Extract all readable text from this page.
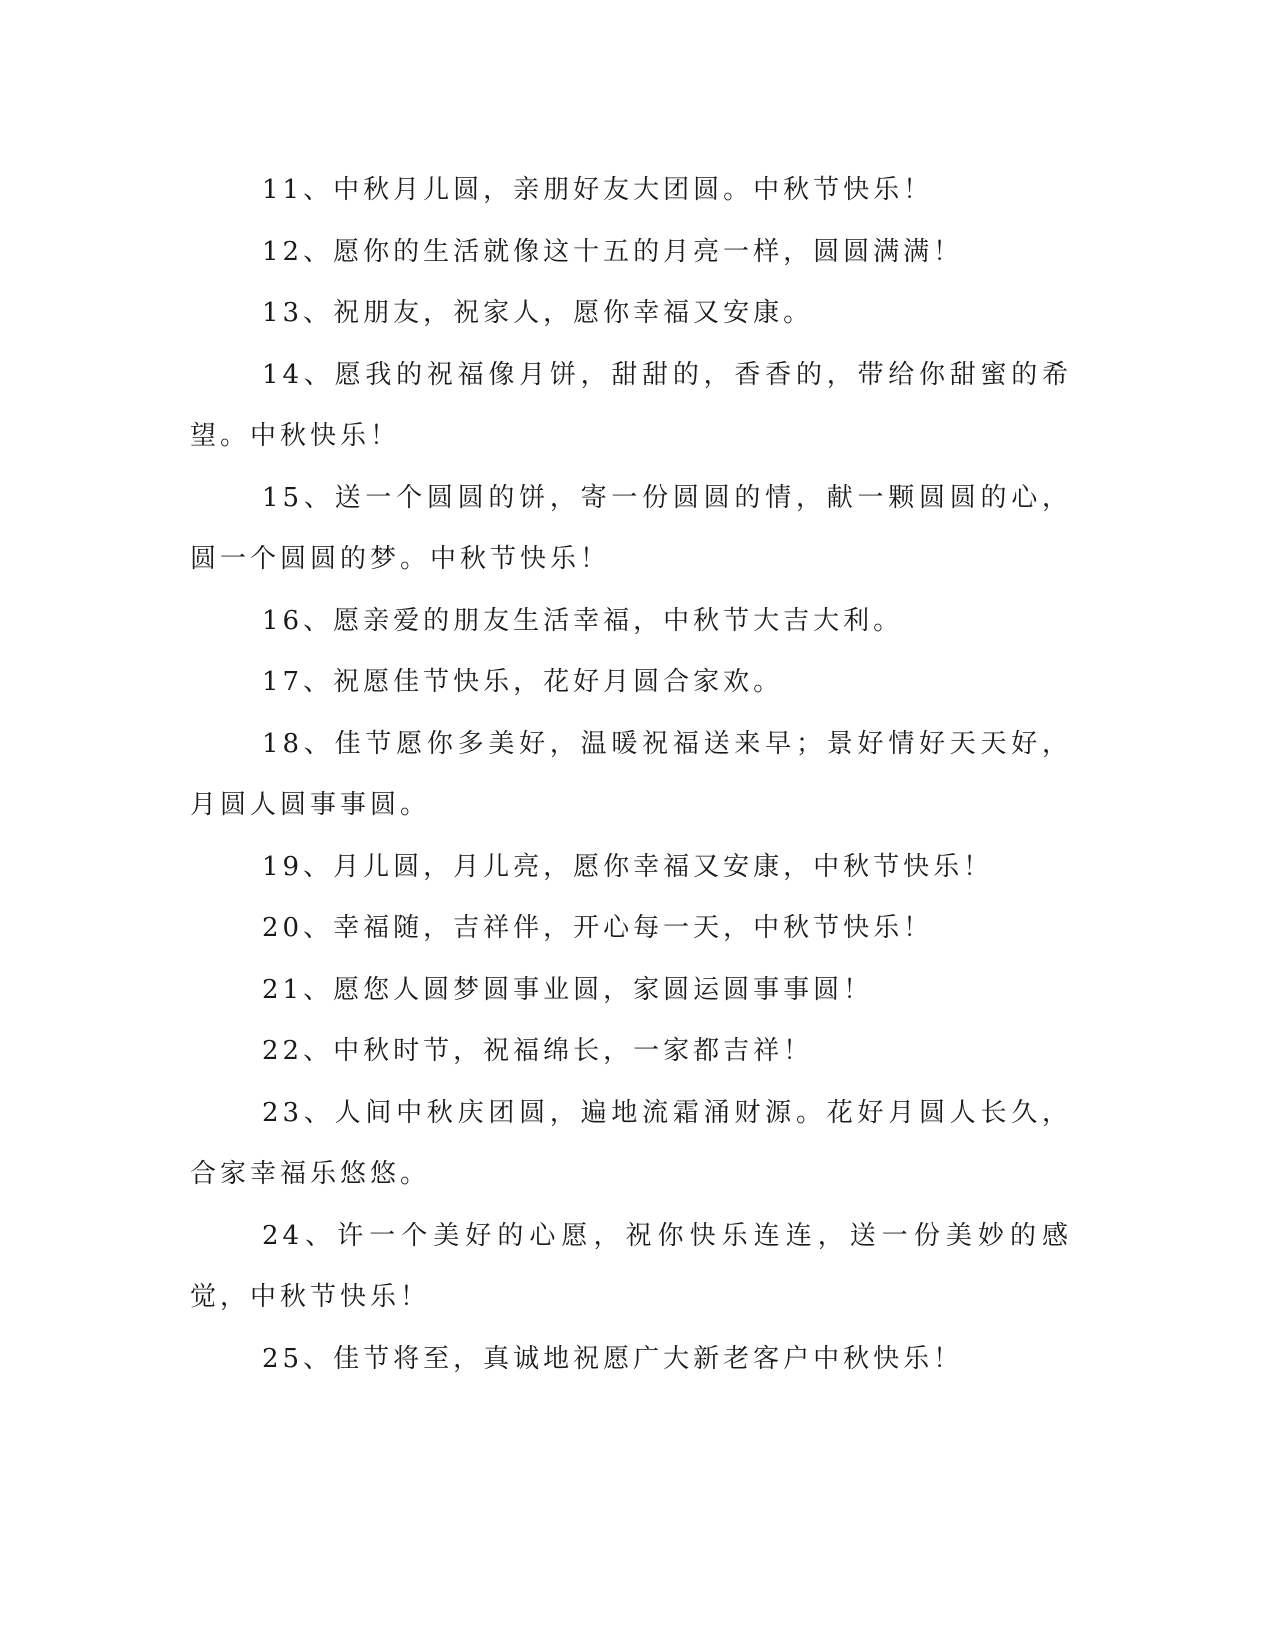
11、中秋月儿圆，亲朋好友大团圆。中秋节快乐！

12、愿你的生活就像这十五的月亮一样，圆圆满满！

13、祝朋友，祝家人，愿你幸福又安康。

14、愿我的祝福像月饼，甜甜的，香香的，带给你甜蜜的希望。中秋快乐！

15、送一个圆圆的饼，寄一份圆圆的情，献一颗圆圆的心，圆一个圆圆的梦。中秋节快乐！

16、愿亲爱的朋友生活幸福，中秋节大吉大利。

17、祝愿佳节快乐，花好月圆合家欢。

18、佳节愿你多美好，温暖祝福送来早；景好情好天天好，月圆人圆事事圆。

19、月儿圆，月儿亮，愿你幸福又安康，中秋节快乐！

20、幸福随，吉祥伴，开心每一天，中秋节快乐！

21、愿您人圆梦圆事业圆，家圆运圆事事圆！

22、中秋时节，祝福绵长，一家都吉祥！

23、人间中秋庆团圆，遍地流霜涌财源。花好月圆人长久，合家幸福乐悠悠。

24、许一个美好的心愿，祝你快乐连连，送一份美妙的感觉，中秋节快乐！

25、佳节将至，真诚地祝愿广大新老客户中秋快乐！
